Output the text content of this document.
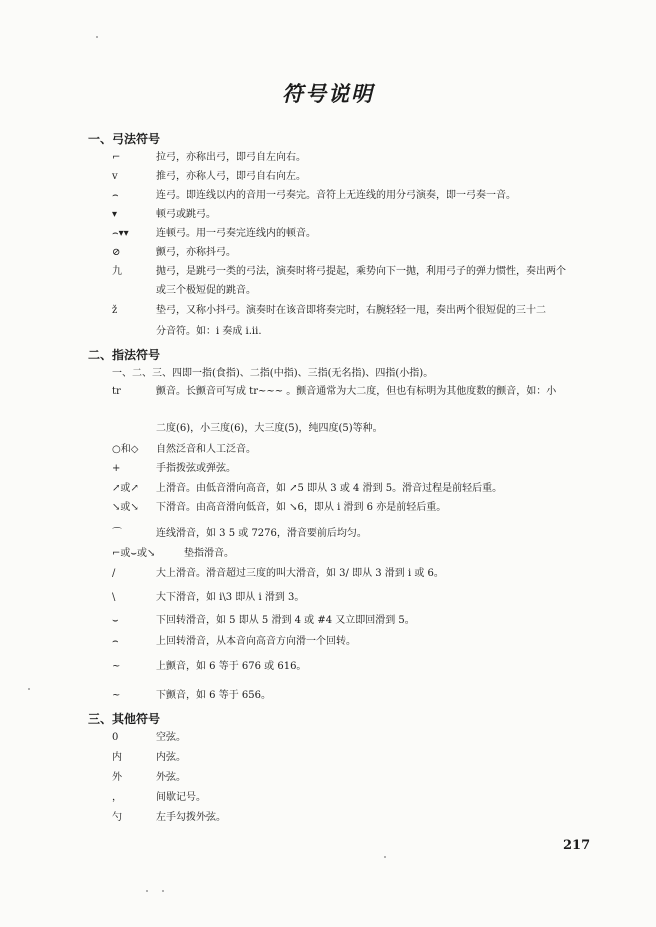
符号说明
一、弓法符号
⌐	拉弓，亦称出弓，即弓自左向右。
v	推弓，亦称人弓，即弓自右向左。
⌢	连弓。即连线以内的音用一弓奏完。音符上无连线的用分弓演奏，即一弓奏一音。
▾	顿弓或跳弓。
⌢▾▾	连顿弓。用一弓奏完连线内的顿音。
⊘	颤弓，亦称抖弓。
九	抛弓，是跳弓一类的弓法，演奏时将弓提起，乘势向下一抛，利用弓子的弹力惯性，奏出两个
或三个极短促的跳音。
ž	垫弓，又称小抖弓。演奏时在该音即将奏完时，右腕轻轻一甩，奏出两个很短促的三十二
分音符。如：i 奏成 i.ii.
二、指法符号
一、二、三、四即一指(食指)、二指(中指)、三指(无名指)、四指(小指)。
tr	颤音。长颤音可写成 tr~~~ 。颤音通常为大二度，但也有标明为其他度数的颤音，如：小
二度(6)，小三度(6)，大三度(5)，纯四度(5)等种。
○和◇	自然泛音和人工泛音。
+	手指拨弦或弹弦。
↗或↗	上滑音。由低音滑向高音，如 ↗5 即从 3 或 4 滑到 5。滑音过程是前轻后重。
↘或↘	下滑音。由高音滑向低音，如 ↘6，即从 i 滑到 6 亦是前轻后重。
⌒	连线滑音，如 3 5 或 7276，滑音要前后均匀。
⌐或⌣或↘	垫指滑音。
/	大上滑音。滑音超过三度的叫大滑音，如 3/ 即从 3 滑到 i 或 6。
\	大下滑音，如 i\3 即从 i 滑到 3。
⌣	下回转滑音，如 5 即从 5 滑到 4 或 #4 又立即回滑到 5。
⌢	上回转滑音，从本音向高音方向滑一个回转。
~	上颤音，如 6 等于 676 或 616。
~	下颤音，如 6 等于 656。
三、其他符号
0	空弦。
内	内弦。
外	外弦。
，	间歇记号。
勺	左手勾拨外弦。
217
